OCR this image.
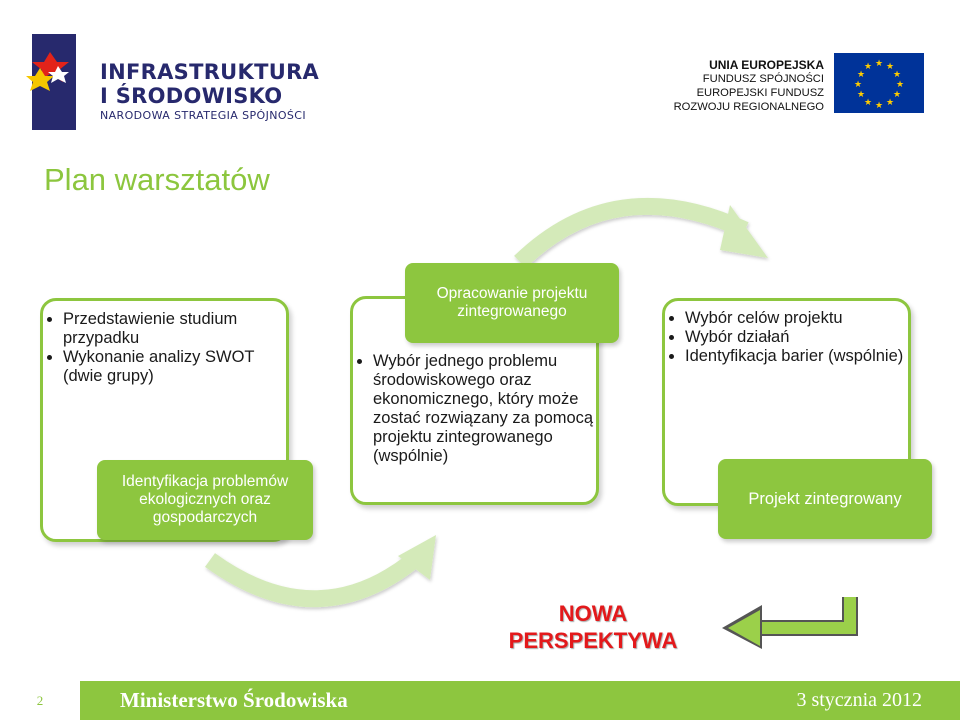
INFRASTRUKTURA
I ŚRODOWISKO
NARODOWA STRATEGIA SPÓJNOŚCI
UNIA EUROPEJSKA
FUNDUSZ SPÓJNOŚCI
EUROPEJSKI FUNDUSZ
ROZWOJU REGIONALNEGO
★ ★
★
★
★
★
★
★
★
★
★
★
Plan warsztatów
• Przedstawienie studium przypadku
• Wykonanie analizy SWOT (dwie grupy)
Identyfikacja problemów ekologicznych oraz gospodarczych
• Wybór jednego problemu środowiskowego oraz ekonomicznego, który może zostać rozwiązany za pomocą projektu zintegrowanego (wspólnie)
Opracowanie projektu zintegrowanego
•	Wybór celów projektu
• Wybór działań
• Identyfikacja barier (wspólnie)
Projekt zintegrowany
NOWA
PERSPEKTYWA
2	Ministerstwo Środowiska	3 stycznia 2012
